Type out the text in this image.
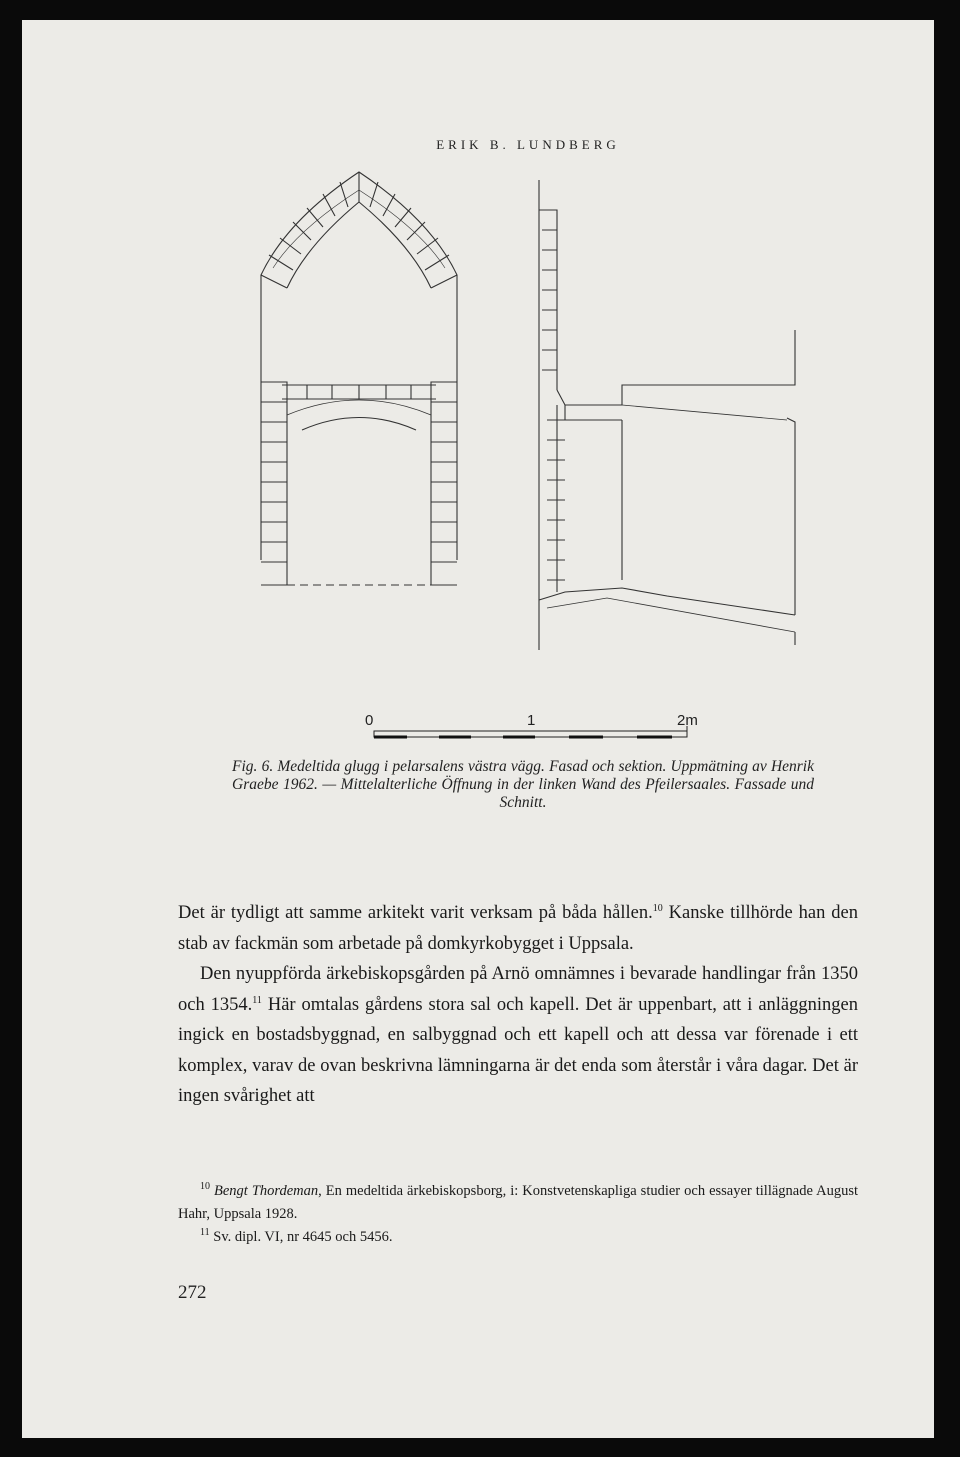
ERIK B. LUNDBERG
0	1	2m
Fig. 6. Medeltida glugg i pelarsalens västra vägg. Fasad och sektion. Uppmätning av Henrik Graebe 1962. — Mittelalterliche Öffnung in der linken Wand des Pfeilersaales. Fassade und Schnitt.

Det är tydligt att samme arkitekt varit verksam på båda hållen.$^{10}$ Kanske tillhörde han den stab av fackmän som arbetade på domkyrkobygget i Uppsala.

Den nyuppförda ärkebiskopsgården på Arnö omnämnes i bevarade handlingar från 1350 och 1354.11 Här omtalas gårdens stora sal och kapell. Det är uppenbart, att i anläggningen ingick en bostadsbyggnad, en salbyggnad och ett kapell och att dessa var förenade i ett komplex, varav de ovan beskrivna lämningarna är det enda som återstår i våra dagar. Det är ingen svårighet att

$^{10}$ Bengt Thordeman, En medeltida ärkebiskopsborg, i: Konstvetenskapliga studier och essayer tillägnade August Hahr, Uppsala 1928.

$^{11}$ Sv. dipl. VI, nr 4645 och 5456.

272
